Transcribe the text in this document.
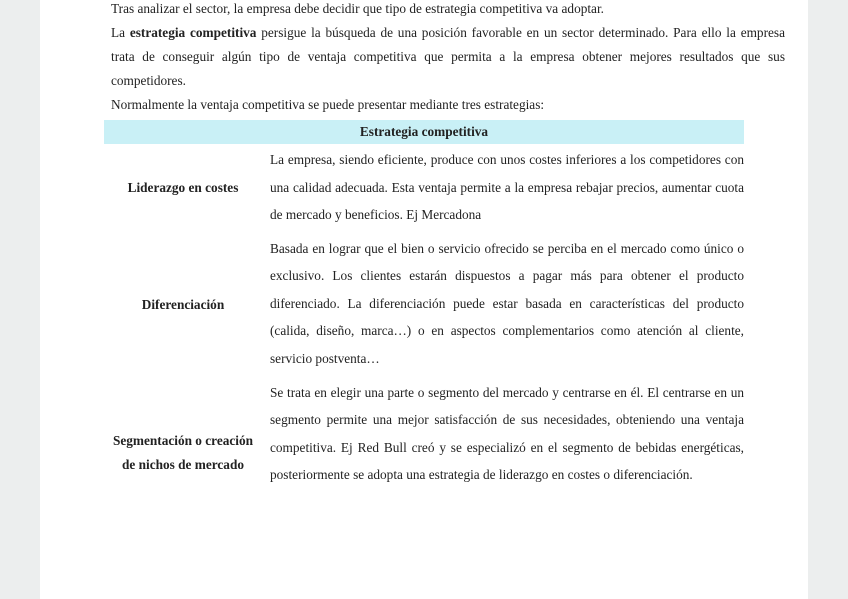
Tras analizar el sector, la empresa debe decidir que tipo de estrategia competitiva va adoptar.

La estrategia competitiva persigue la búsqueda de una posición favorable en un sector determinado. Para ello la empresa trata de conseguir algún tipo de ventaja competitiva que permita a la empresa obtener mejores resultados que sus competidores.

Normalmente la ventaja competitiva se puede presentar mediante tres estrategias:

Estrategia competitiva	
Liderazgo en costes	La empresa, siendo eficiente, produce con unos costes inferiores a los competidores con una calidad adecuada. Esta ventaja permite a la empresa rebajar precios, aumentar cuota de mercado y beneficios. Ej Mercadona
Diferenciación	Basada en lograr que el bien o servicio ofrecido se perciba en el mercado como único o exclusivo. Los clientes estarán dispuestos a pagar más para obtener el producto diferenciado. La diferenciación puede estar basada en características del producto (calida, diseño, marca…) o en aspectos complementarios como atención al cliente, servicio postventa…
Segmentación o creación de nichos de mercado	Se trata en elegir una parte o segmento del mercado y centrarse en él. El centrarse en un segmento permite una mejor satisfacción de sus necesidades, obteniendo una ventaja competitiva. Ej Red Bull creó y se especializó en el segmento de bebidas energéticas, posteriormente se adopta una estrategia de liderazgo en costes o diferenciación.
